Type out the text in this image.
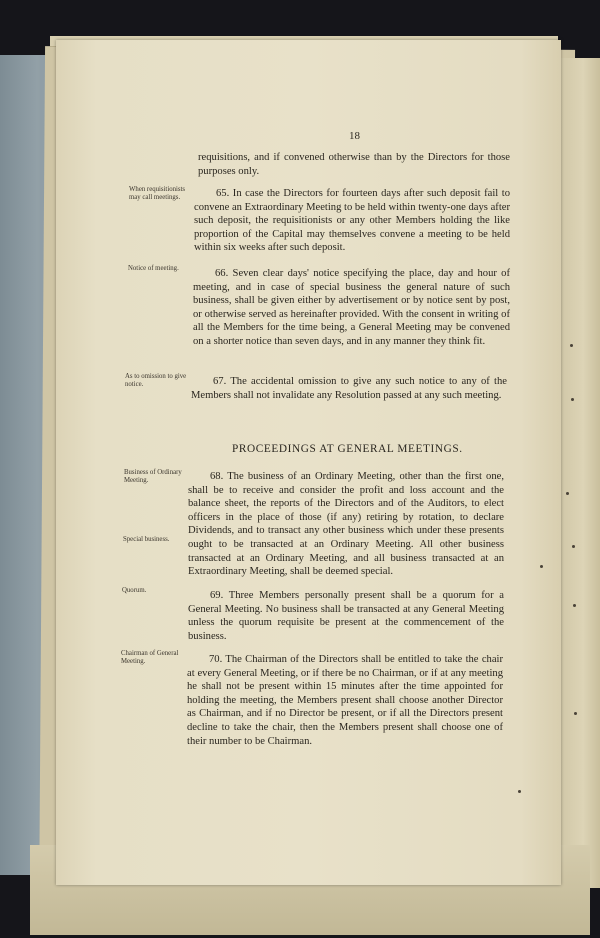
18

requisitions, and if convened otherwise than by the Directors for those purposes only.

When requisitionists may call meetings.	65. In case the Directors for fourteen days after such deposit fail to convene an Extraordinary Meeting to be held within twenty-one days after such deposit, the requisitionists or any other Members holding the like proportion of the Capital may themselves convene a meeting to be held within six weeks after such deposit.

Notice of meeting.	66. Seven clear days' notice specifying the place, day and hour of meeting, and in case of special business the general nature of such business, shall be given either by advertisement or by notice sent by post, or otherwise served as hereinafter provided. With the consent in writing of all the Members for the time being, a General Meeting may be convened on a shorter notice than seven days, and in any manner they think fit.

As to omission to give notice.	67. The accidental omission to give any such notice to any of the Members shall not invalidate any Resolution passed at any such meeting.

PROCEEDINGS AT GENERAL MEETINGS.
Business of Ordinary Meeting.
Special business.

68. The business of an Ordinary Meeting, other than the first one, shall be to receive and consider the profit and loss account and the balance sheet, the reports of the Directors and of the Auditors, to elect officers in the place of those (if any) retiring by rotation, to declare Dividends, and to transact any other business which under these presents ought to be transacted at an Ordinary Meeting. All other business transacted at an Ordinary Meeting, and all business transacted at an Extraordinary Meeting, shall be deemed special.

Quorum.	69. Three Members personally present shall be a quorum for a General Meeting. No business shall be transacted at any General Meeting unless the quorum requisite be present at the commencement of the business.

Chairman of General Meeting.	70. The Chairman of the Directors shall be entitled to take the chair at every General Meeting, or if there be no Chairman, or if at any meeting he shall not be present within 15 minutes after the time appointed for holding the meeting, the Members present shall choose another Director as Chairman, and if no Director be present, or if all the Directors present decline to take the chair, then the Members present shall choose one of their number to be Chairman.
